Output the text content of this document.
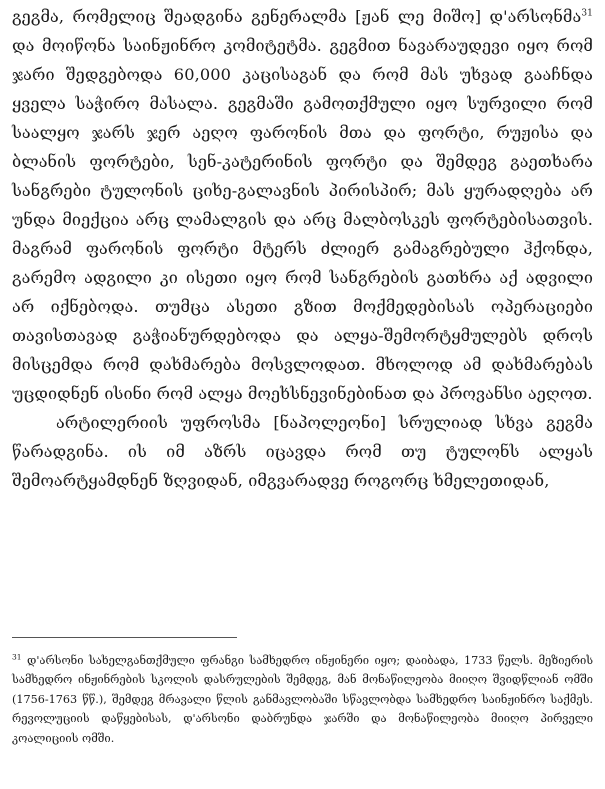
გეგმა, რომელიც შეადგინა გენერალმა [ჟან ლე მიშო] დ'არსონმა$^{31}$ და მოიწონა საინჟინრო კომიტეტმა. გეგმით ნავარაუდევი იყო რომ ჯარი შედგებოდა 60,000 კაცისაგან და რომ მას უხვად გააჩნდა ყველა საჭირო მასალა. გეგმაში გამოთქმული იყო სურვილი რომ საალყო ჯარს ჯერ აეღო ფარონის მთა და ფორტი, რუჟისა და ბლანის ფორტები, სენ-კატერინის ფორტი და შემდეგ გაეთხარა სანგრები ტულონის ციხე-გალავნის პირისპირ; მას ყურადღება არ უნდა მიექცია არც ლამალგის და არც მალბოსკეს ფორტებისათვის. მაგრამ ფარონის ფორტი მტერს ძლიერ გამაგრებული ჰქონდა, გარემო ადგილი კი ისეთი იყო რომ სანგრების გათხრა აქ ადვილი არ იქნებოდა. თუმცა ასეთი გზით მოქმედებისას ოპერაციები თავისთავად გაჭიანურდებოდა და ალყა-შემორტყმულებს დროს მისცემდა რომ დახმარება მოსვლოდათ. მხოლოდ ამ დახმარებას უცდიდნენ ისინი რომ ალყა მოეხსნევინებინათ და პროვანსი აეღოთ.

არტილერიის უფროსმა [ნაპოლეონი] სრულიად სხვა გეგმა წარადგინა. ის იმ აზრს იცავდა რომ თუ ტულონს ალყას შემოარტყამდნენ ზღვიდან, იმგვარადვე როგორც ხმელეთიდან,

$^{31}$ დ'არსონი სახელგანთქმული ფრანგი სამხედრო ინჟინერი იყო; დაიბადა, 1733 წელს. მეზიერის სამხედრო ინჟინრების სკოლის დასრულების შემდეგ, მან მონაწილეობა მიიღო შვიდწლიან ომში (1756-1763 წწ.), შემდეგ მრავალი წლის განმავლობაში სწავლობდა სამხედრო საინჟინრო საქმეს. რევოლუციის დაწყებისას, დ'არსონი დაბრუნდა ჯარში და მონაწილეობა მიიღო პირველი კოალიციის ომში.
